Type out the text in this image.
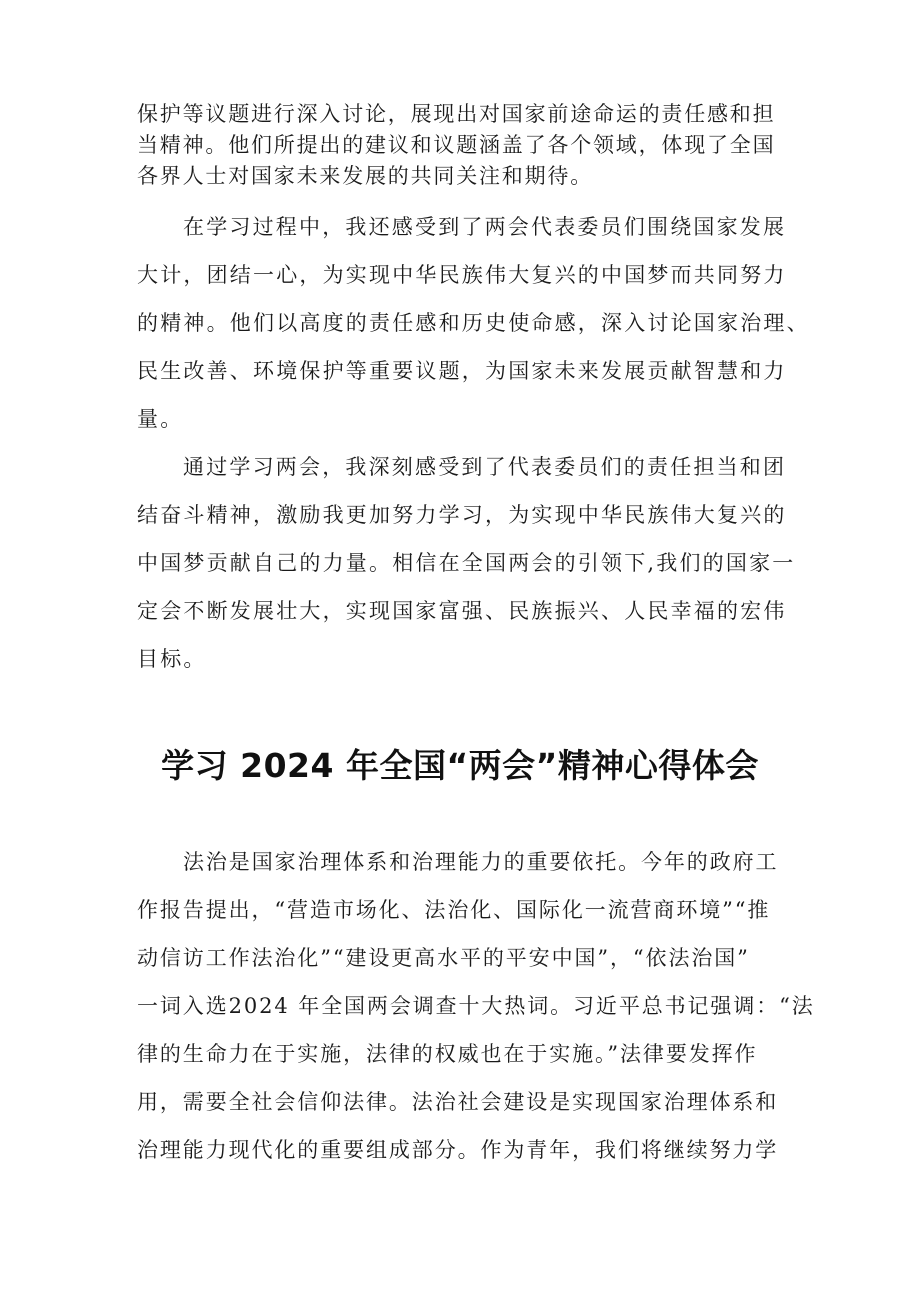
保护等议题进行深入讨论，展现出对国家前途命运的责任感和担
当精神。他们所提出的建议和议题涵盖了各个领域，体现了全国
各界人士对国家未来发展的共同关注和期待。
在学习过程中，我还感受到了两会代表委员们围绕国家发展
大计，团结一心，为实现中华民族伟大复兴的中国梦而共同努力
的精神。他们以高度的责任感和历史使命感，深入讨论国家治理、
民生改善、环境保护等重要议题，为国家未来发展贡献智慧和力
量。
通过学习两会，我深刻感受到了代表委员们的责任担当和团
结奋斗精神，激励我更加努力学习，为实现中华民族伟大复兴的
中国梦贡献自己的力量。相信在全国两会的引领下,我们的国家一
定会不断发展壮大，实现国家富强、民族振兴、人民幸福的宏伟
目标。
学习 2024 年全国“两会”精神心得体会
法治是国家治理体系和治理能力的重要依托。今年的政府工
作报告提出，“营造市场化、法治化、国际化一流营商环境”“推
动信访工作法治化”“建设更高水平的平安中国”，“依法治国”
一词入选2024 年全国两会调查十大热词。习近平总书记强调：“法
律的生命力在于实施，法律的权威也在于实施。”法律要发挥作
用，需要全社会信仰法律。法治社会建设是实现国家治理体系和
治理能力现代化的重要组成部分。作为青年，我们将继续努力学
